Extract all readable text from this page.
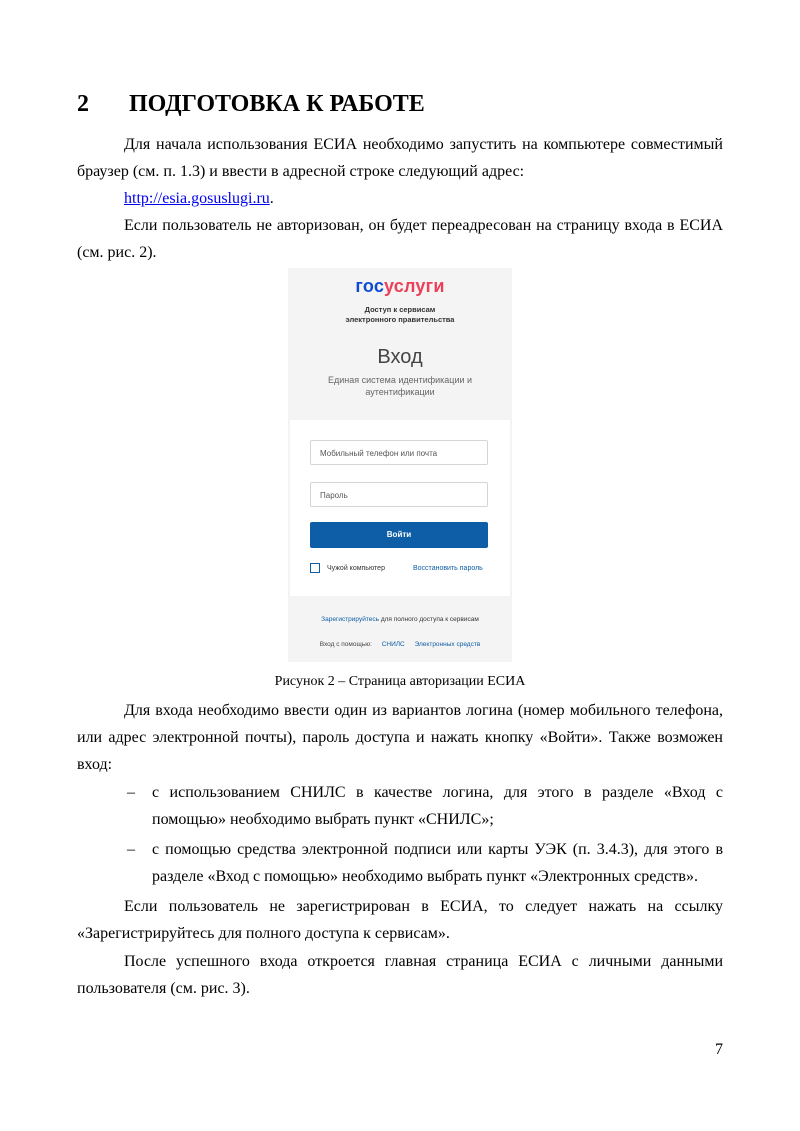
2 ПОДГОТОВКА К РАБОТЕ
Для начала использования ЕСИА необходимо запустить на компьютере совместимый браузер (см. п. 1.3) и ввести в адресной строке следующий адрес:
http://esia.gosuslugi.ru.
Если пользователь не авторизован, он будет переадресован на страницу входа в ЕСИА (см. рис. 2).
госуслуги
Доступ к сервисам
электронного правительства
Вход
Единая система идентификации и аутентификации
Мобильный телефон или почта
Пароль
Войти
Чужой компьютер	Восстановить пароль
Зарегистрируйтесь для полного доступа к сервисам
Вход с помощью: СНИЛС Электронных средств
Рисунок 2 – Страница авторизации ЕСИА
Для входа необходимо ввести один из вариантов логина (номер мобильного телефона, или адрес электронной почты), пароль доступа и нажать кнопку «Войти». Также возможен вход:
– с использованием СНИЛС в качестве логина, для этого в разделе «Вход с помощью» необходимо выбрать пункт «СНИЛС»;
– с помощью средства электронной подписи или карты УЭК (п. 3.4.3), для этого в разделе «Вход с помощью» необходимо выбрать пункт «Электронных средств».
Если пользователь не зарегистрирован в ЕСИА, то следует нажать на ссылку «Зарегистрируйтесь для полного доступа к сервисам».
После успешного входа откроется главная страница ЕСИА с личными данными пользователя (см. рис. 3).
7
